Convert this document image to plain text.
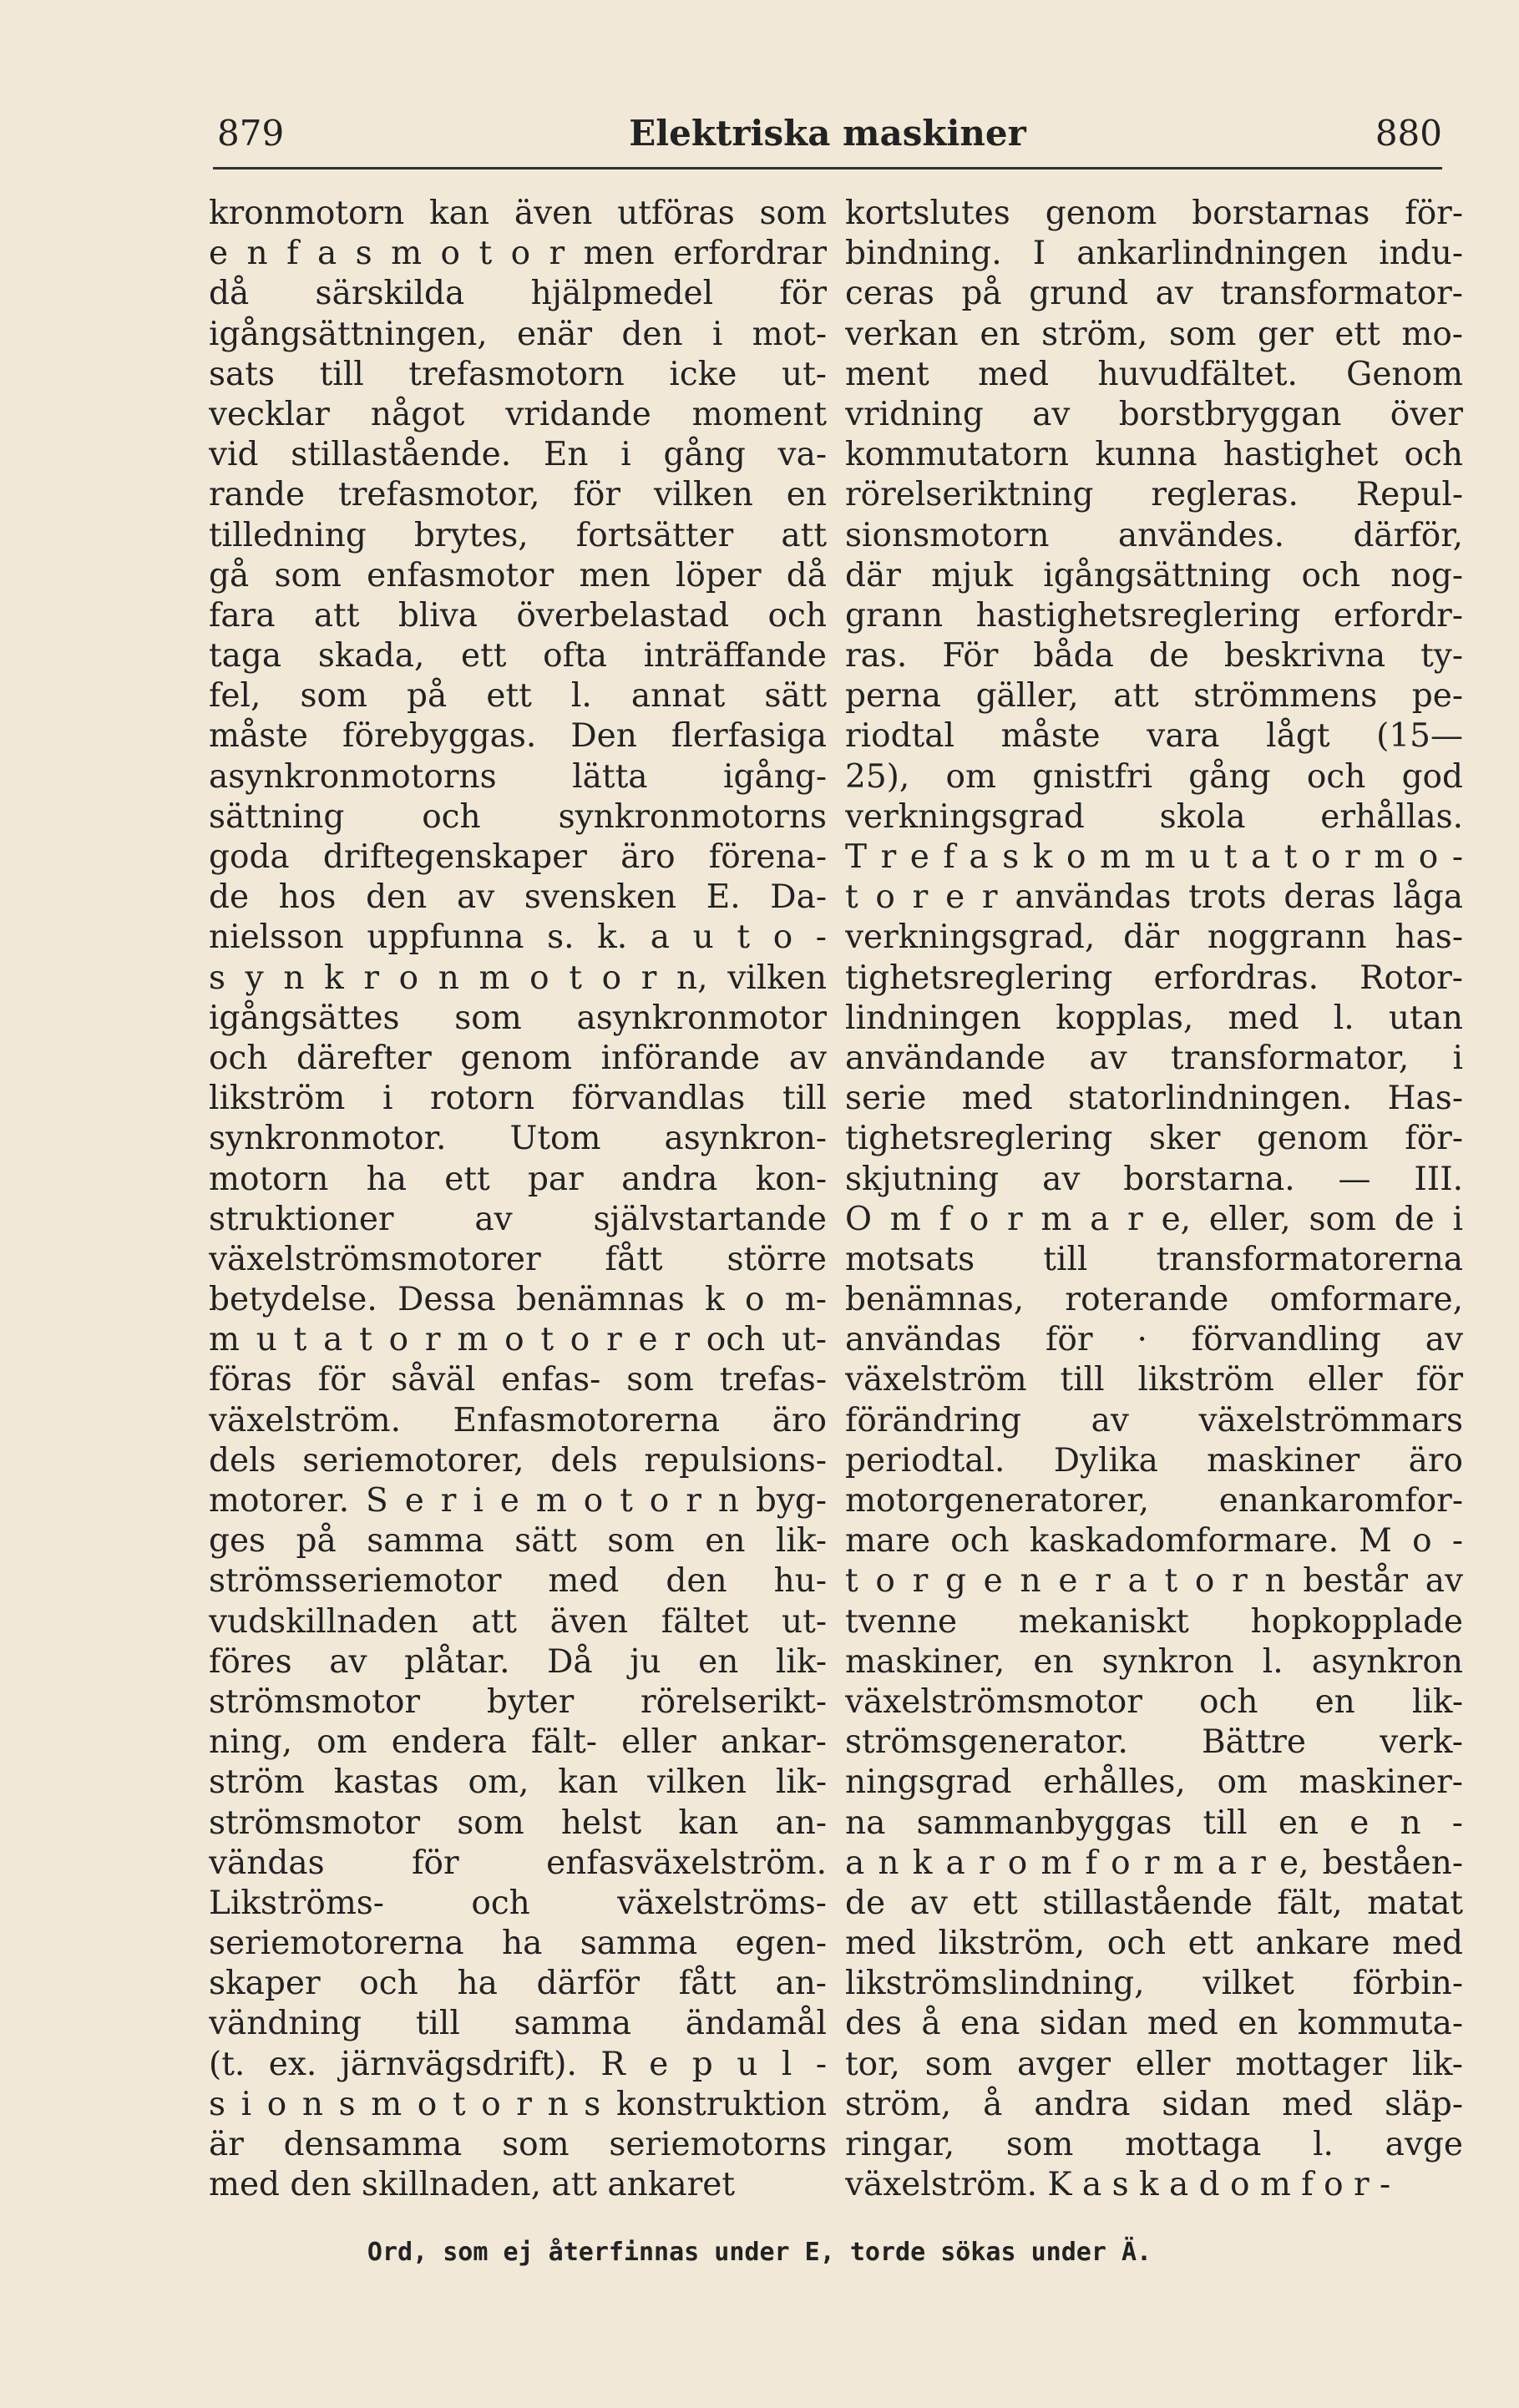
879	Elektriska maskiner	880
kronmotorn kan även utföras som
e n f a s m o t o r men erfordrar
då särskilda hjälpmedel för
igångsättningen, enär den i mot-
sats till trefasmotorn icke ut-
vecklar något vridande moment
vid stillastående. En i gång va-
rande trefasmotor, för vilken en
tilledning brytes, fortsätter att
gå som enfasmotor men löper då
fara att bliva överbelastad och
taga skada, ett ofta inträffande
fel, som på ett l. annat sätt
måste förebyggas. Den flerfasiga
asynkronmotorns lätta igång-
sättning och synkronmotorns
goda driftegenskaper äro förena-
de hos den av svensken E. Da-
nielsson uppfunna s. k. a u t o -
s y n k r o n m o t o r n, vilken
igångsättes som asynkronmotor
och därefter genom införande av
likström i rotorn förvandlas till
synkronmotor. Utom asynkron-
motorn ha ett par andra kon-
struktioner av självstartande
växelströmsmotorer fått större
betydelse. Dessa benämnas k o m-
m u t a t o r m o t o r e r och ut-
föras för såväl enfas- som trefas-
växelström. Enfasmotorerna äro
dels seriemotorer, dels repulsions-
motorer. S e r i e m o t o r n byg-
ges på samma sätt som en lik-
strömsseriemotor med den hu-
vudskillnaden att även fältet ut-
föres av plåtar. Då ju en lik-
strömsmotor byter rörelserikt-
ning, om endera fält- eller ankar-
ström kastas om, kan vilken lik-
strömsmotor som helst kan an-
vändas för enfasväxelström.
Likströms- och växelströms-
seriemotorerna ha samma egen-
skaper och ha därför fått an-
vändning till samma ändamål
(t. ex. järnvägsdrift). R e p u l -
s i o n s m o t o r n s konstruktion
är densamma som seriemotorns
med den skillnaden, att ankaret
kortslutes genom borstarnas för-
bindning. I ankarlindningen indu-
ceras på grund av transformator-
verkan en ström, som ger ett mo-
ment med huvudfältet. Genom
vridning av borstbryggan över
kommutatorn kunna hastighet och
rörelseriktning regleras. Repul-
sionsmotorn användes. därför,
där mjuk igångsättning och nog-
grann hastighetsreglering erfordr-
ras. För båda de beskrivna ty-
perna gäller, att strömmens pe-
riodtal måste vara lågt (15—
25), om gnistfri gång och god
verkningsgrad skola erhållas.
T r e f a s k o m m u t a t o r m o -
t o r e r användas trots deras låga
verkningsgrad, där noggrann has-
tighetsreglering erfordras. Rotor-
lindningen kopplas, med l. utan
användande av transformator, i
serie med statorlindningen. Has-
tighetsreglering sker genom för-
skjutning av borstarna. — III.
O m f o r m a r e, eller, som de i
motsats till transformatorerna
benämnas, roterande omformare,
användas för · förvandling av
växelström till likström eller för
förändring av växelströmmars
periodtal. Dylika maskiner äro
motorgeneratorer, enankaromfor-
mare och kaskadomformare. M o -
t o r g e n e r a t o r n består av
tvenne mekaniskt hopkopplade
maskiner, en synkron l. asynkron
växelströmsmotor och en lik-
strömsgenerator. Bättre verk-
ningsgrad erhålles, om maskiner-
na sammanbyggas till en e n -
a n k a r o m f o r m a r e, beståen-
de av ett stillastående fält, matat
med likström, och ett ankare med
likströmslindning, vilket förbin-
des å ena sidan med en kommuta-
tor, som avger eller mottager lik-
ström, å andra sidan med släp-
ringar, som mottaga l. avge
växelström. K a s k a d o m f o r -
Ord, som ej återfinnas under E, torde sökas under Ä.
